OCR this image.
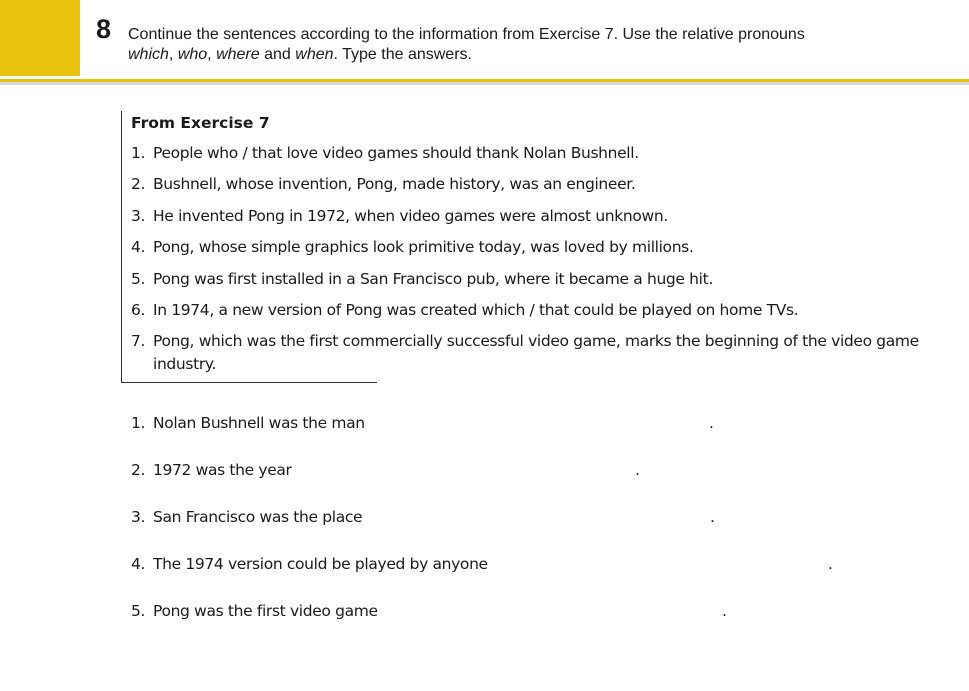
8 Continue the sentences according to the information from Exercise 7. Use the relative pronouns
which, who, where and when. Type the answers.
From Exercise 7
1. People who / that love video games should thank Nolan Bushnell.
2. Bushnell, whose invention, Pong, made history, was an engineer.
3. He invented Pong in 1972, when video games were almost unknown.
4. Pong, whose simple graphics look primitive today, was loved by millions.
5. Pong was first installed in a San Francisco pub, where it became a huge hit.
6. In 1974, a new version of Pong was created which / that could be played on home TVs.
7. Pong, which was the first commercially successful video game, marks the beginning of the video game industry.
1. Nolan Bushnell was the man	.
2. 1972 was the year	.
3. San Francisco was the place	.
4. The 1974 version could be played by anyone	.
5. Pong was the first video game	.
